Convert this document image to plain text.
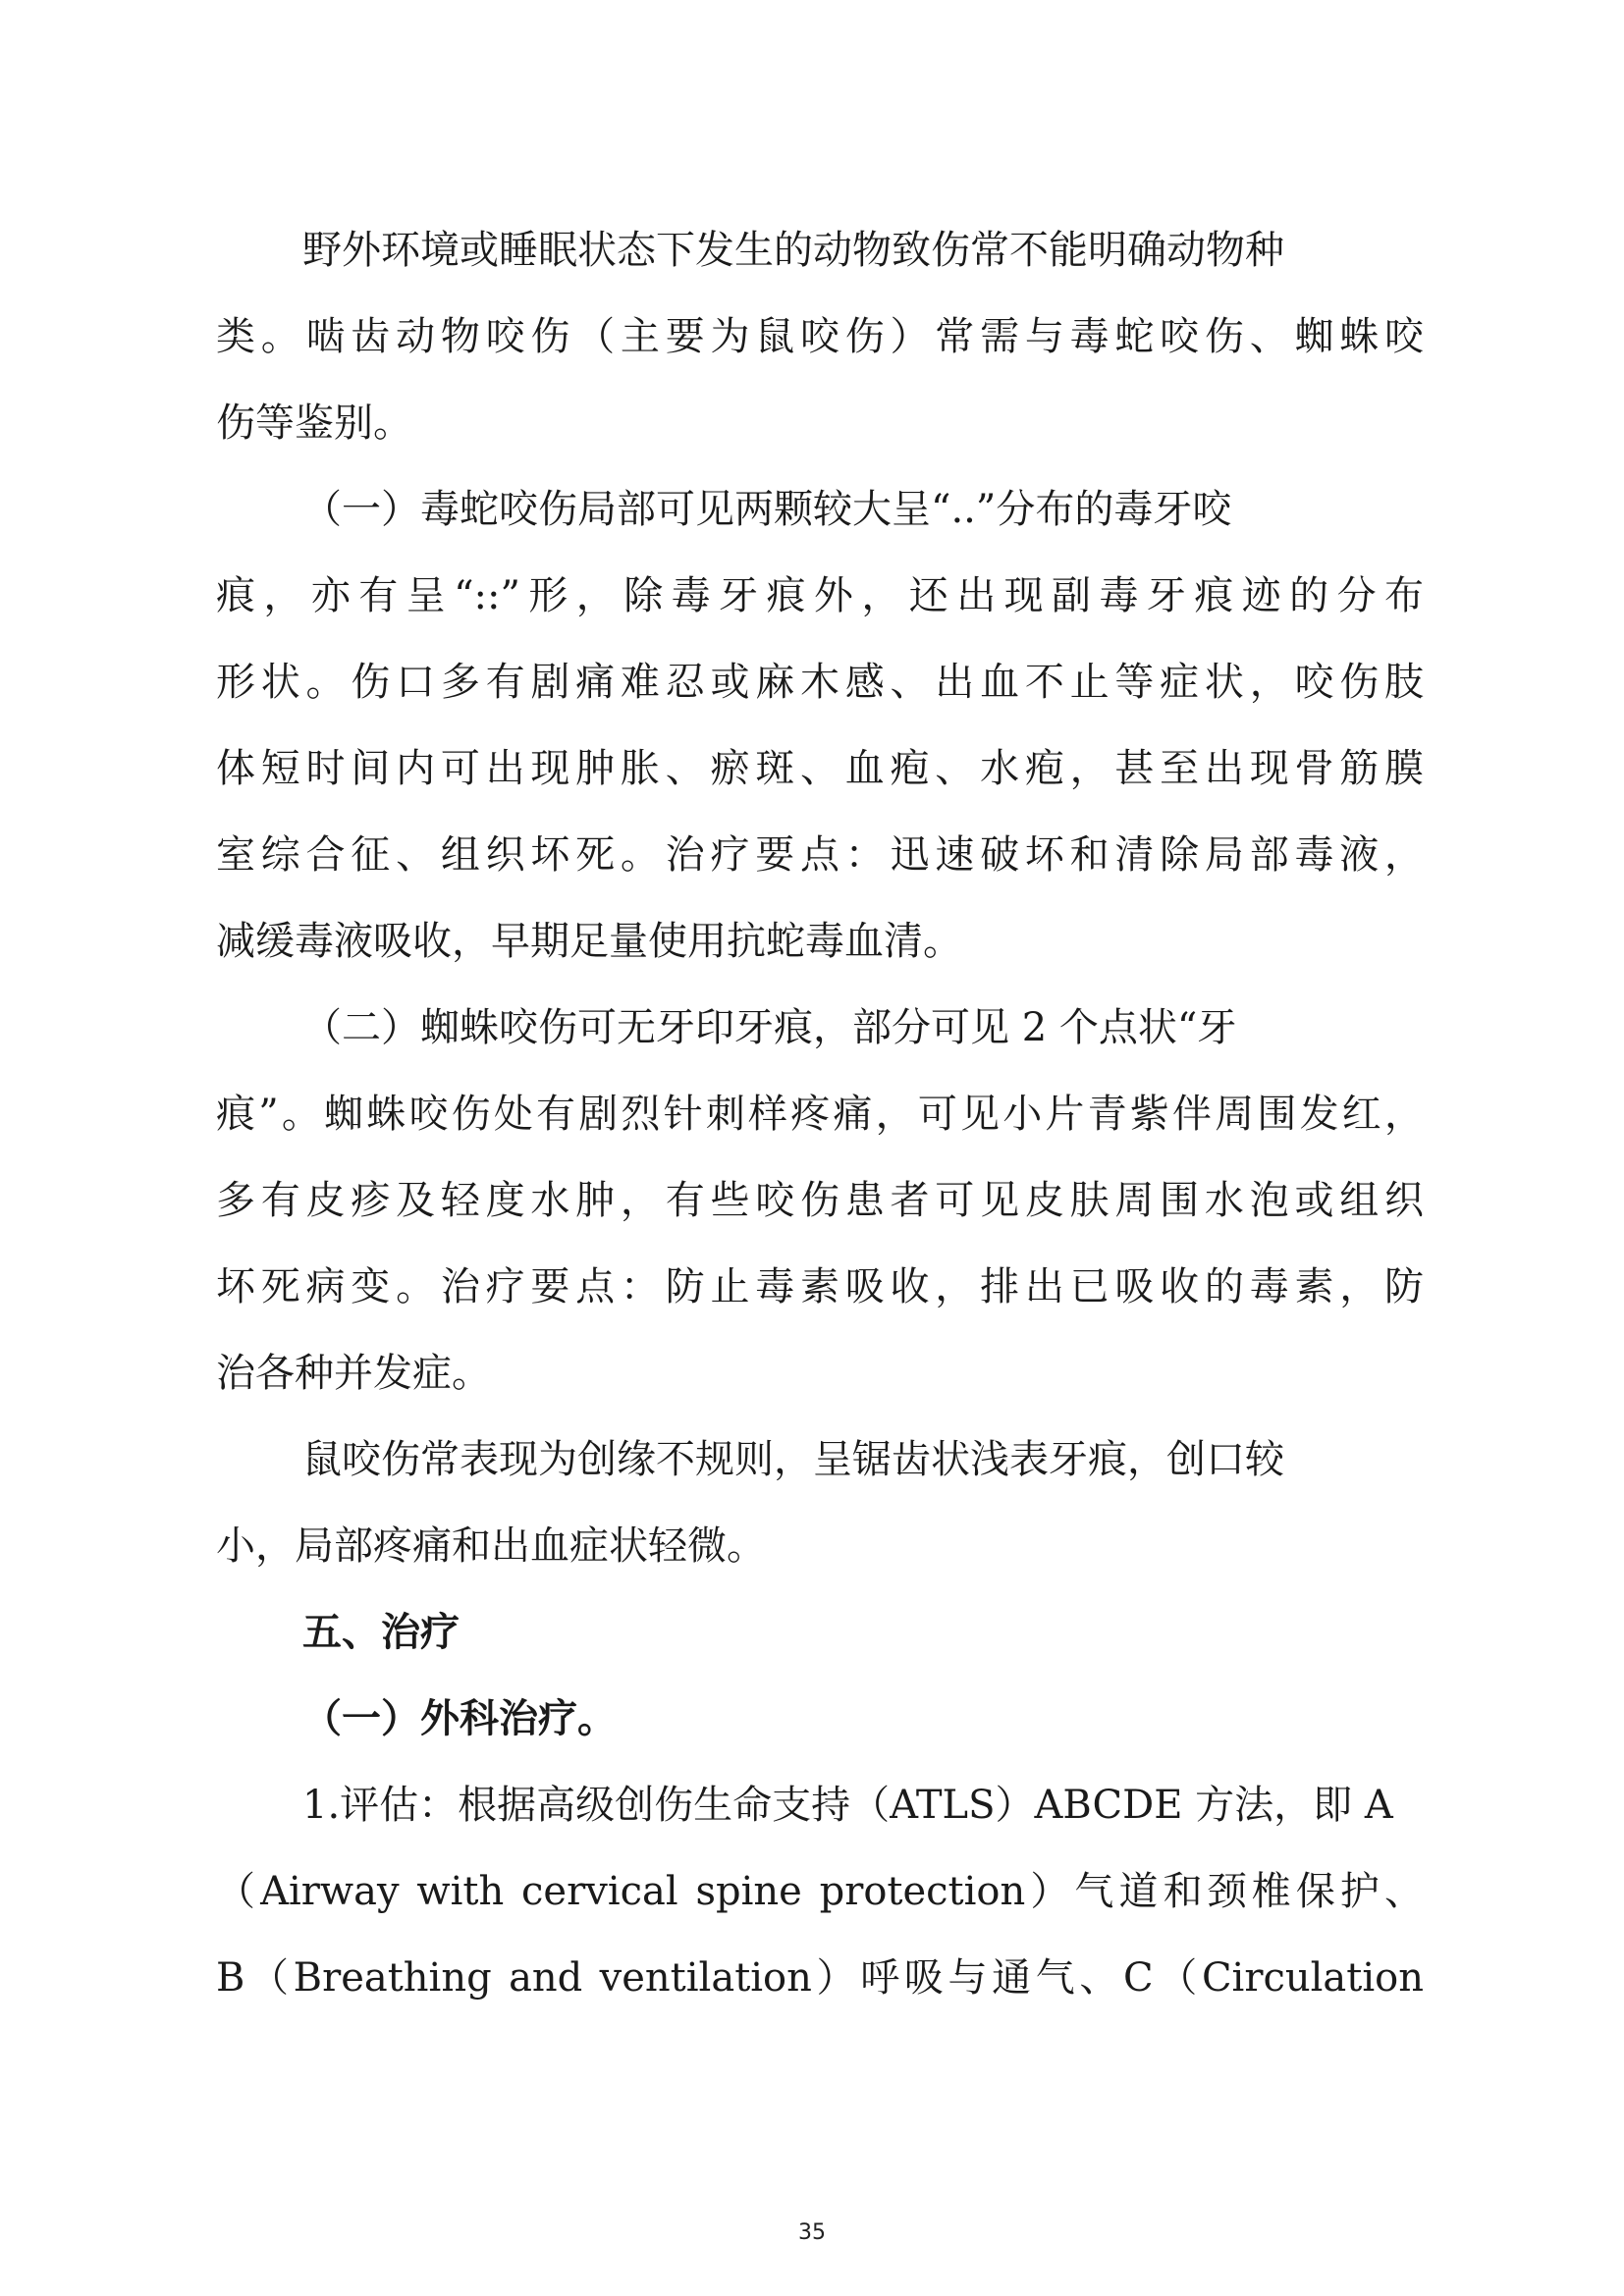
野外环境或睡眠状态下发生的动物致伤常不能明确动物种
类。啮齿动物咬伤（主要为鼠咬伤）常需与毒蛇咬伤、蜘蛛咬
伤等鉴别。
（一）毒蛇咬伤局部可见两颗较大呈“..”分布的毒牙咬
痕，亦有呈“::”形，除毒牙痕外，还出现副毒牙痕迹的分布
形状。伤口多有剧痛难忍或麻木感、出血不止等症状，咬伤肢
体短时间内可出现肿胀、瘀斑、血疱、水疱，甚至出现骨筋膜
室综合征、组织坏死。治疗要点：迅速破坏和清除局部毒液，
减缓毒液吸收，早期足量使用抗蛇毒血清。
（二）蜘蛛咬伤可无牙印牙痕，部分可见 2 个点状“牙
痕”。蜘蛛咬伤处有剧烈针刺样疼痛，可见小片青紫伴周围发红，
多有皮疹及轻度水肿，有些咬伤患者可见皮肤周围水泡或组织
坏死病变。治疗要点：防止毒素吸收，排出已吸收的毒素，防
治各种并发症。
鼠咬伤常表现为创缘不规则，呈锯齿状浅表牙痕，创口较
小，局部疼痛和出血症状轻微。
五、治疗
（一）外科治疗。
1.评估：根据高级创伤生命支持（ATLS）ABCDE 方法，即 A
（Airway with cervical spine protection）气道和颈椎保护、
B（Breathing and ventilation）呼吸与通气、C（Circulation
35
